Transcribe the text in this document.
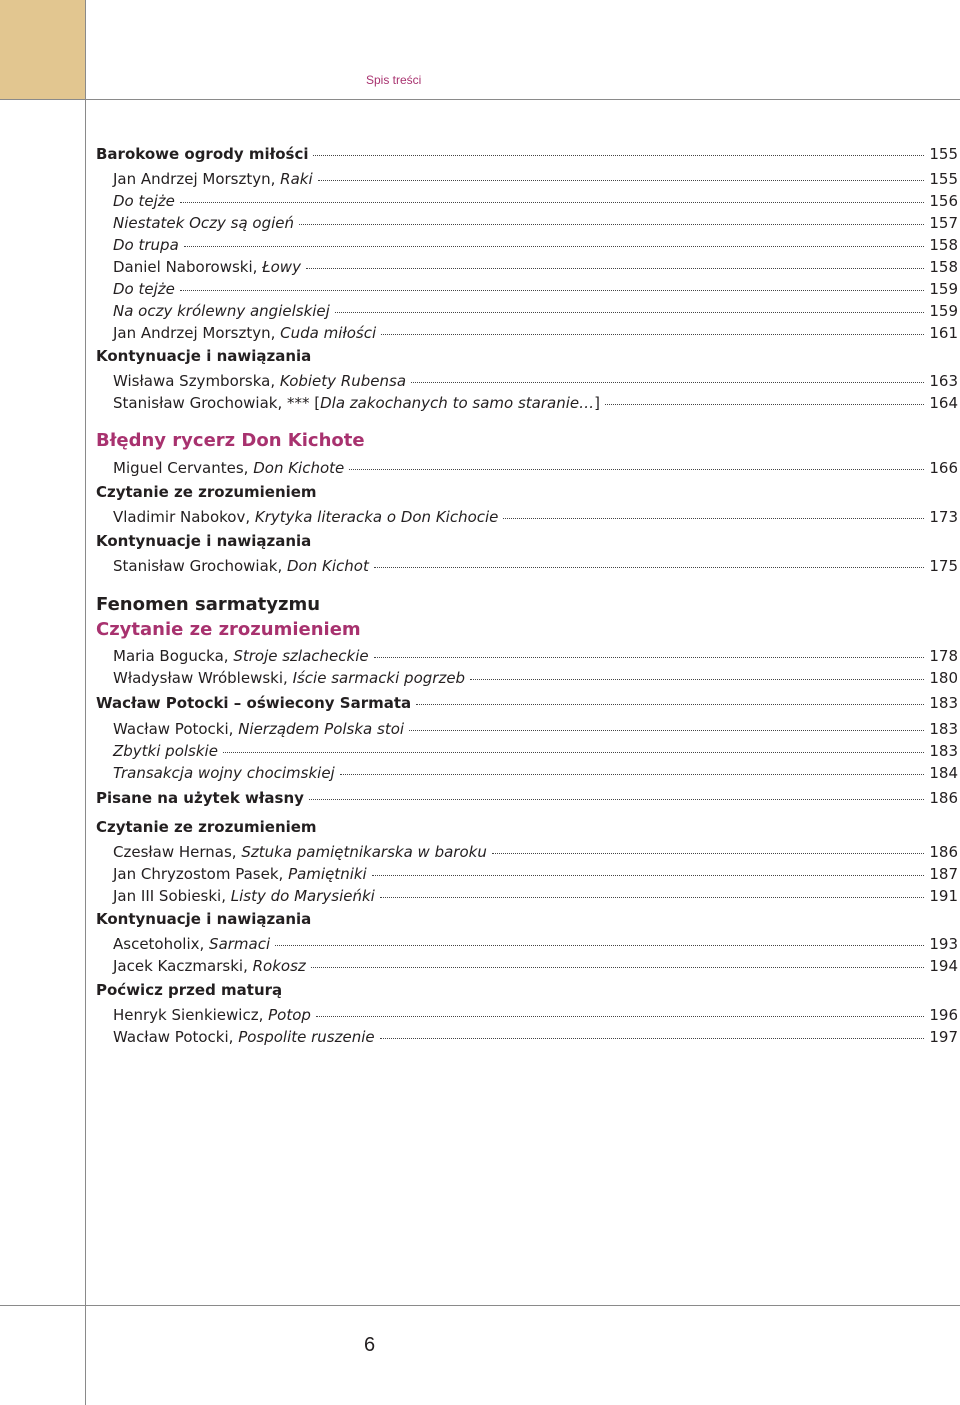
Spis treści
Barokowe ogrody miłości	155
Jan Andrzej Morsztyn, Raki	155
Do tejże	156
Niestatek Oczy są ogień	157
Do trupa	158
Daniel Naborowski, Łowy	158
Do tejże	159
Na oczy królewny angielskiej	159
Jan Andrzej Morsztyn, Cuda miłości	161
Kontynuacje i nawiązania
Wisława Szymborska, Kobiety Rubensa	163
Stanisław Grochowiak, *** [Dla zakochanych to samo staranie…]	164
Błędny rycerz Don Kichote
Miguel Cervantes, Don Kichote	166
Czytanie ze zrozumieniem
Vladimir Nabokov, Krytyka literacka o Don Kichocie	173
Kontynuacje i nawiązania
Stanisław Grochowiak, Don Kichot	175
Fenomen sarmatyzmu
Czytanie ze zrozumieniem
Maria Bogucka, Stroje szlacheckie	178
Władysław Wróblewski, Iście sarmacki pogrzeb	180
Wacław Potocki – oświecony Sarmata	183
Wacław Potocki, Nierządem Polska stoi	183
Zbytki polskie	183
Transakcja wojny chocimskiej	184
Pisane na użytek własny	186
Czytanie ze zrozumieniem
Czesław Hernas, Sztuka pamiętnikarska w baroku	186
Jan Chryzostom Pasek, Pamiętniki	187
Jan III Sobieski, Listy do Marysieńki	191
Kontynuacje i nawiązania
Ascetoholix, Sarmaci	193
Jacek Kaczmarski, Rokosz	194
Poćwicz przed maturą
Henryk Sienkiewicz, Potop	196
Wacław Potocki, Pospolite ruszenie	197
6
